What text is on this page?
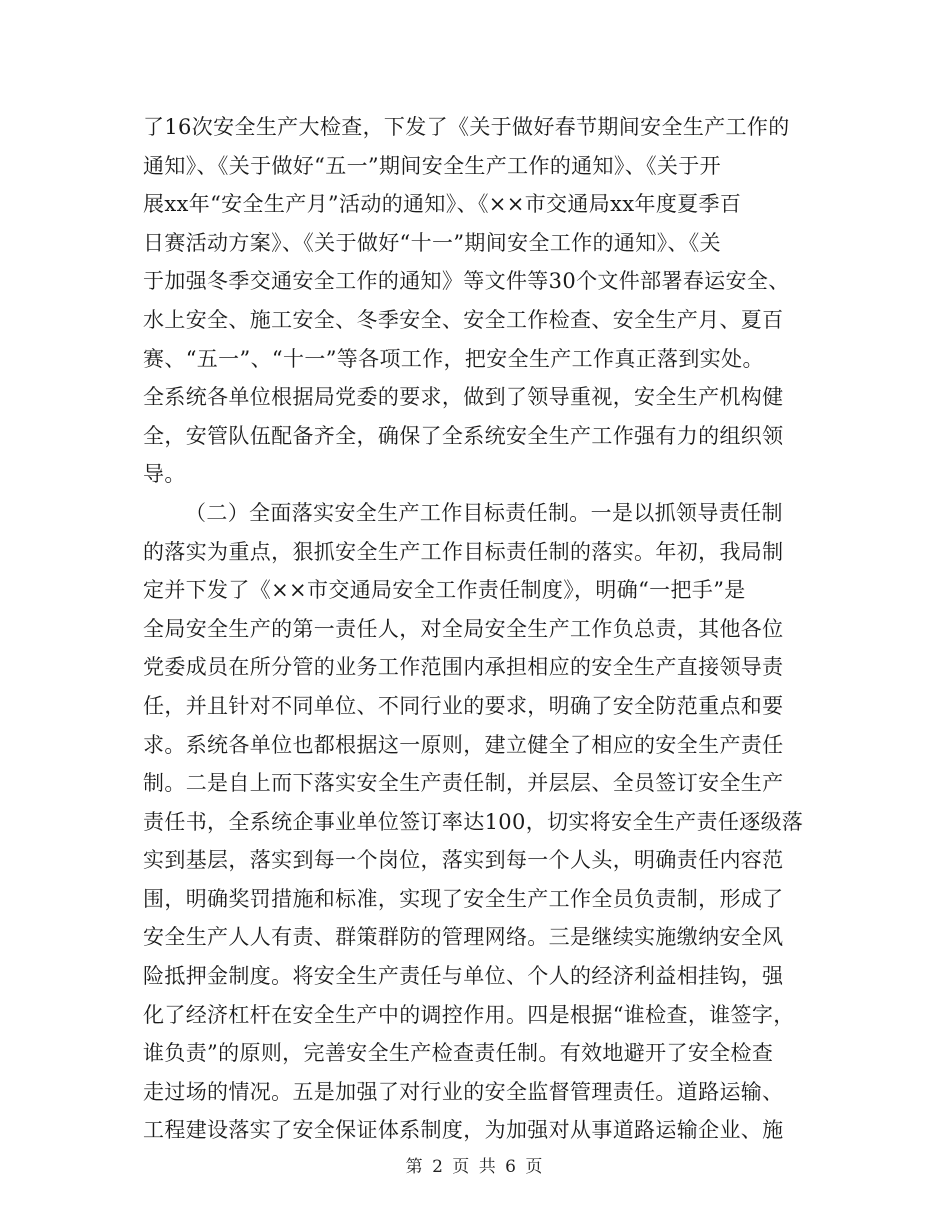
了16次安全生产大检查，下发了《关于做好春节期间安全生产工作的
通知》、《关于做好“五一”期间安全生产工作的通知》、《关于开
展xx年“安全生产月”活动的通知》、《××市交通局xx年度夏季百
日赛活动方案》、《关于做好“十一”期间安全工作的通知》、《关
于加强冬季交通安全工作的通知》等文件等30个文件部署春运安全、
水上安全、施工安全、冬季安全、安全工作检查、安全生产月、夏百
赛、“五一”、“十一”等各项工作，把安全生产工作真正落到实处。
全系统各单位根据局党委的要求，做到了领导重视，安全生产机构健
全，安管队伍配备齐全，确保了全系统安全生产工作强有力的组织领
导。
（二）全面落实安全生产工作目标责任制。一是以抓领导责任制
的落实为重点，狠抓安全生产工作目标责任制的落实。年初，我局制
定并下发了《××市交通局安全工作责任制度》，明确“一把手”是
全局安全生产的第一责任人，对全局安全生产工作负总责，其他各位
党委成员在所分管的业务工作范围内承担相应的安全生产直接领导责
任，并且针对不同单位、不同行业的要求，明确了安全防范重点和要
求。系统各单位也都根据这一原则，建立健全了相应的安全生产责任
制。二是自上而下落实安全生产责任制，并层层、全员签订安全生产
责任书，全系统企事业单位签订率达100，切实将安全生产责任逐级落
实到基层，落实到每一个岗位，落实到每一个人头，明确责任内容范
围，明确奖罚措施和标准，实现了安全生产工作全员负责制，形成了
安全生产人人有责、群策群防的管理网络。三是继续实施缴纳安全风
险抵押金制度。将安全生产责任与单位、个人的经济利益相挂钩，强
化了经济杠杆在安全生产中的调控作用。四是根据“谁检查，谁签字，
谁负责”的原则，完善安全生产检查责任制。有效地避开了安全检查
走过场的情况。五是加强了对行业的安全监督管理责任。道路运输、
工程建设落实了安全保证体系制度，为加强对从事道路运输企业、施
第 2 页 共 6 页
